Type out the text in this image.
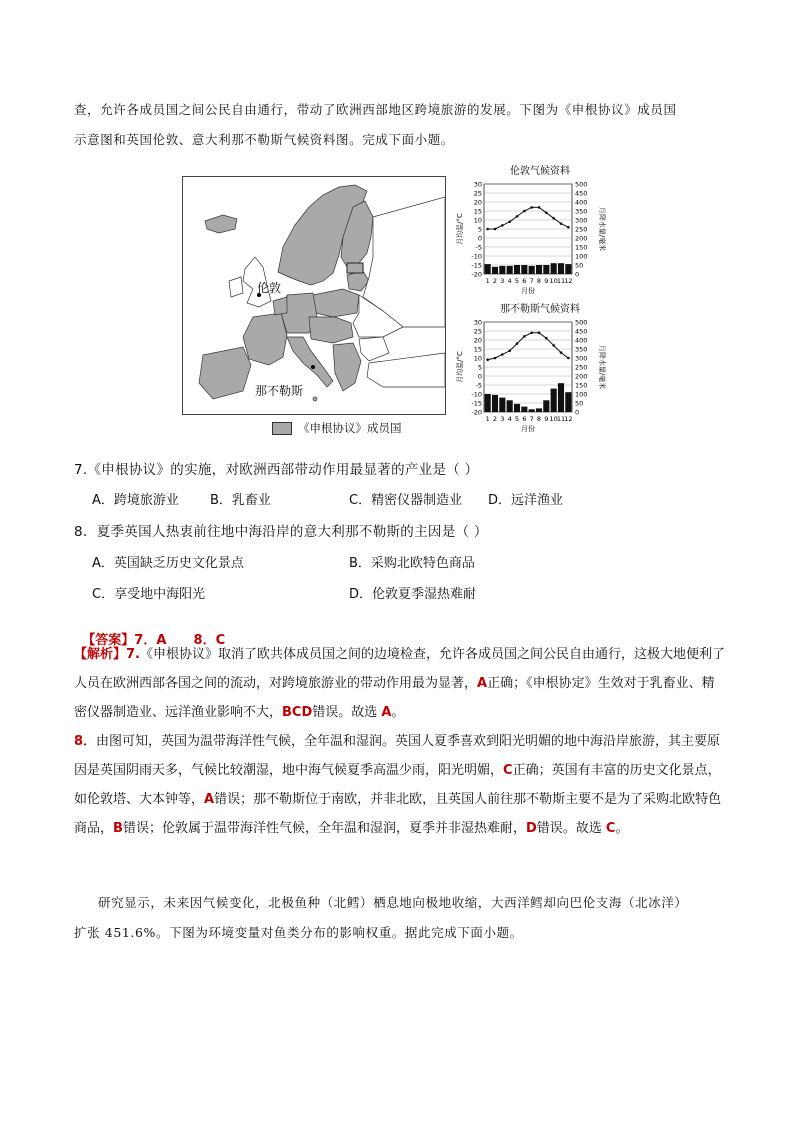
查，允许各成员国之间公民自由通行，带动了欧洲西部地区跨境旅游的发展。下图为《申根协议》成员国
示意图和英国伦敦、意大利那不勒斯气候资料图。完成下面小题。
伦敦
那不勒斯
《申根协议》成员国
伦敦气候资料
那不勒斯气候资料
30
25
20
15
10
5
0
-5
-10
-15
-20
500
450
400
350
300
250
200
150
100
50
0
月均温/°C	月降水量/毫米
1 2 3 4 5 6 7 8 9 10 11 12
月份
30
25
20
15
10
5
0
-5
-10
-15
-20
500
450
400
350
300
250
200
150
100
50
0
月均温/°C	月降水量/毫米
1 2 3 4 5 6 7 8 9 10 11 12
月份
7.《申根协议》的实施，对欧洲西部带动作用最显著的产业是（ ）
A．跨境旅游业 B．乳畜业	C．精密仪器制造业 D．远洋渔业
8．夏季英国人热衷前往地中海沿岸的意大利那不勒斯的主因是（ ）
A．英国缺乏历史文化景点	B．采购北欧特色商品
C．享受地中海阳光	D．伦敦夏季湿热难耐

【答案】7．A      8．C

【解析】7.《申根协议》取消了欧共体成员国之间的边境检查，允许各成员国之间公民自由通行，这极大地便利了人员在欧洲西部各国之间的流动，对跨境旅游业的带动作用最为显著，A正确；《申根协定》生效对于乳畜业、精密仪器制造业、远洋渔业影响不大，BCD错误。故选 A。
8．由图可知，英国为温带海洋性气候，全年温和湿润。英国人夏季喜欢到阳光明媚的地中海沿岸旅游，其主要原因是英国阴雨天多，气候比较潮湿，地中海气候夏季高温少雨，阳光明媚，C正确；英国有丰富的历史文化景点，如伦敦塔、大本钟等，A错误；那不勒斯位于南欧，并非北欧，且英国人前往那不勒斯主要不是为了采购北欧特色商品，B错误；伦敦属于温带海洋性气候，全年温和湿润，夏季并非湿热难耐，D错误。故选 C。
研究显示，未来因气候变化，北极鱼种（北鳕）栖息地向极地收缩，大西洋鳕却向巴伦支海（北冰洋）
扩张 451.6%。下图为环境变量对鱼类分布的影响权重。据此完成下面小题。
